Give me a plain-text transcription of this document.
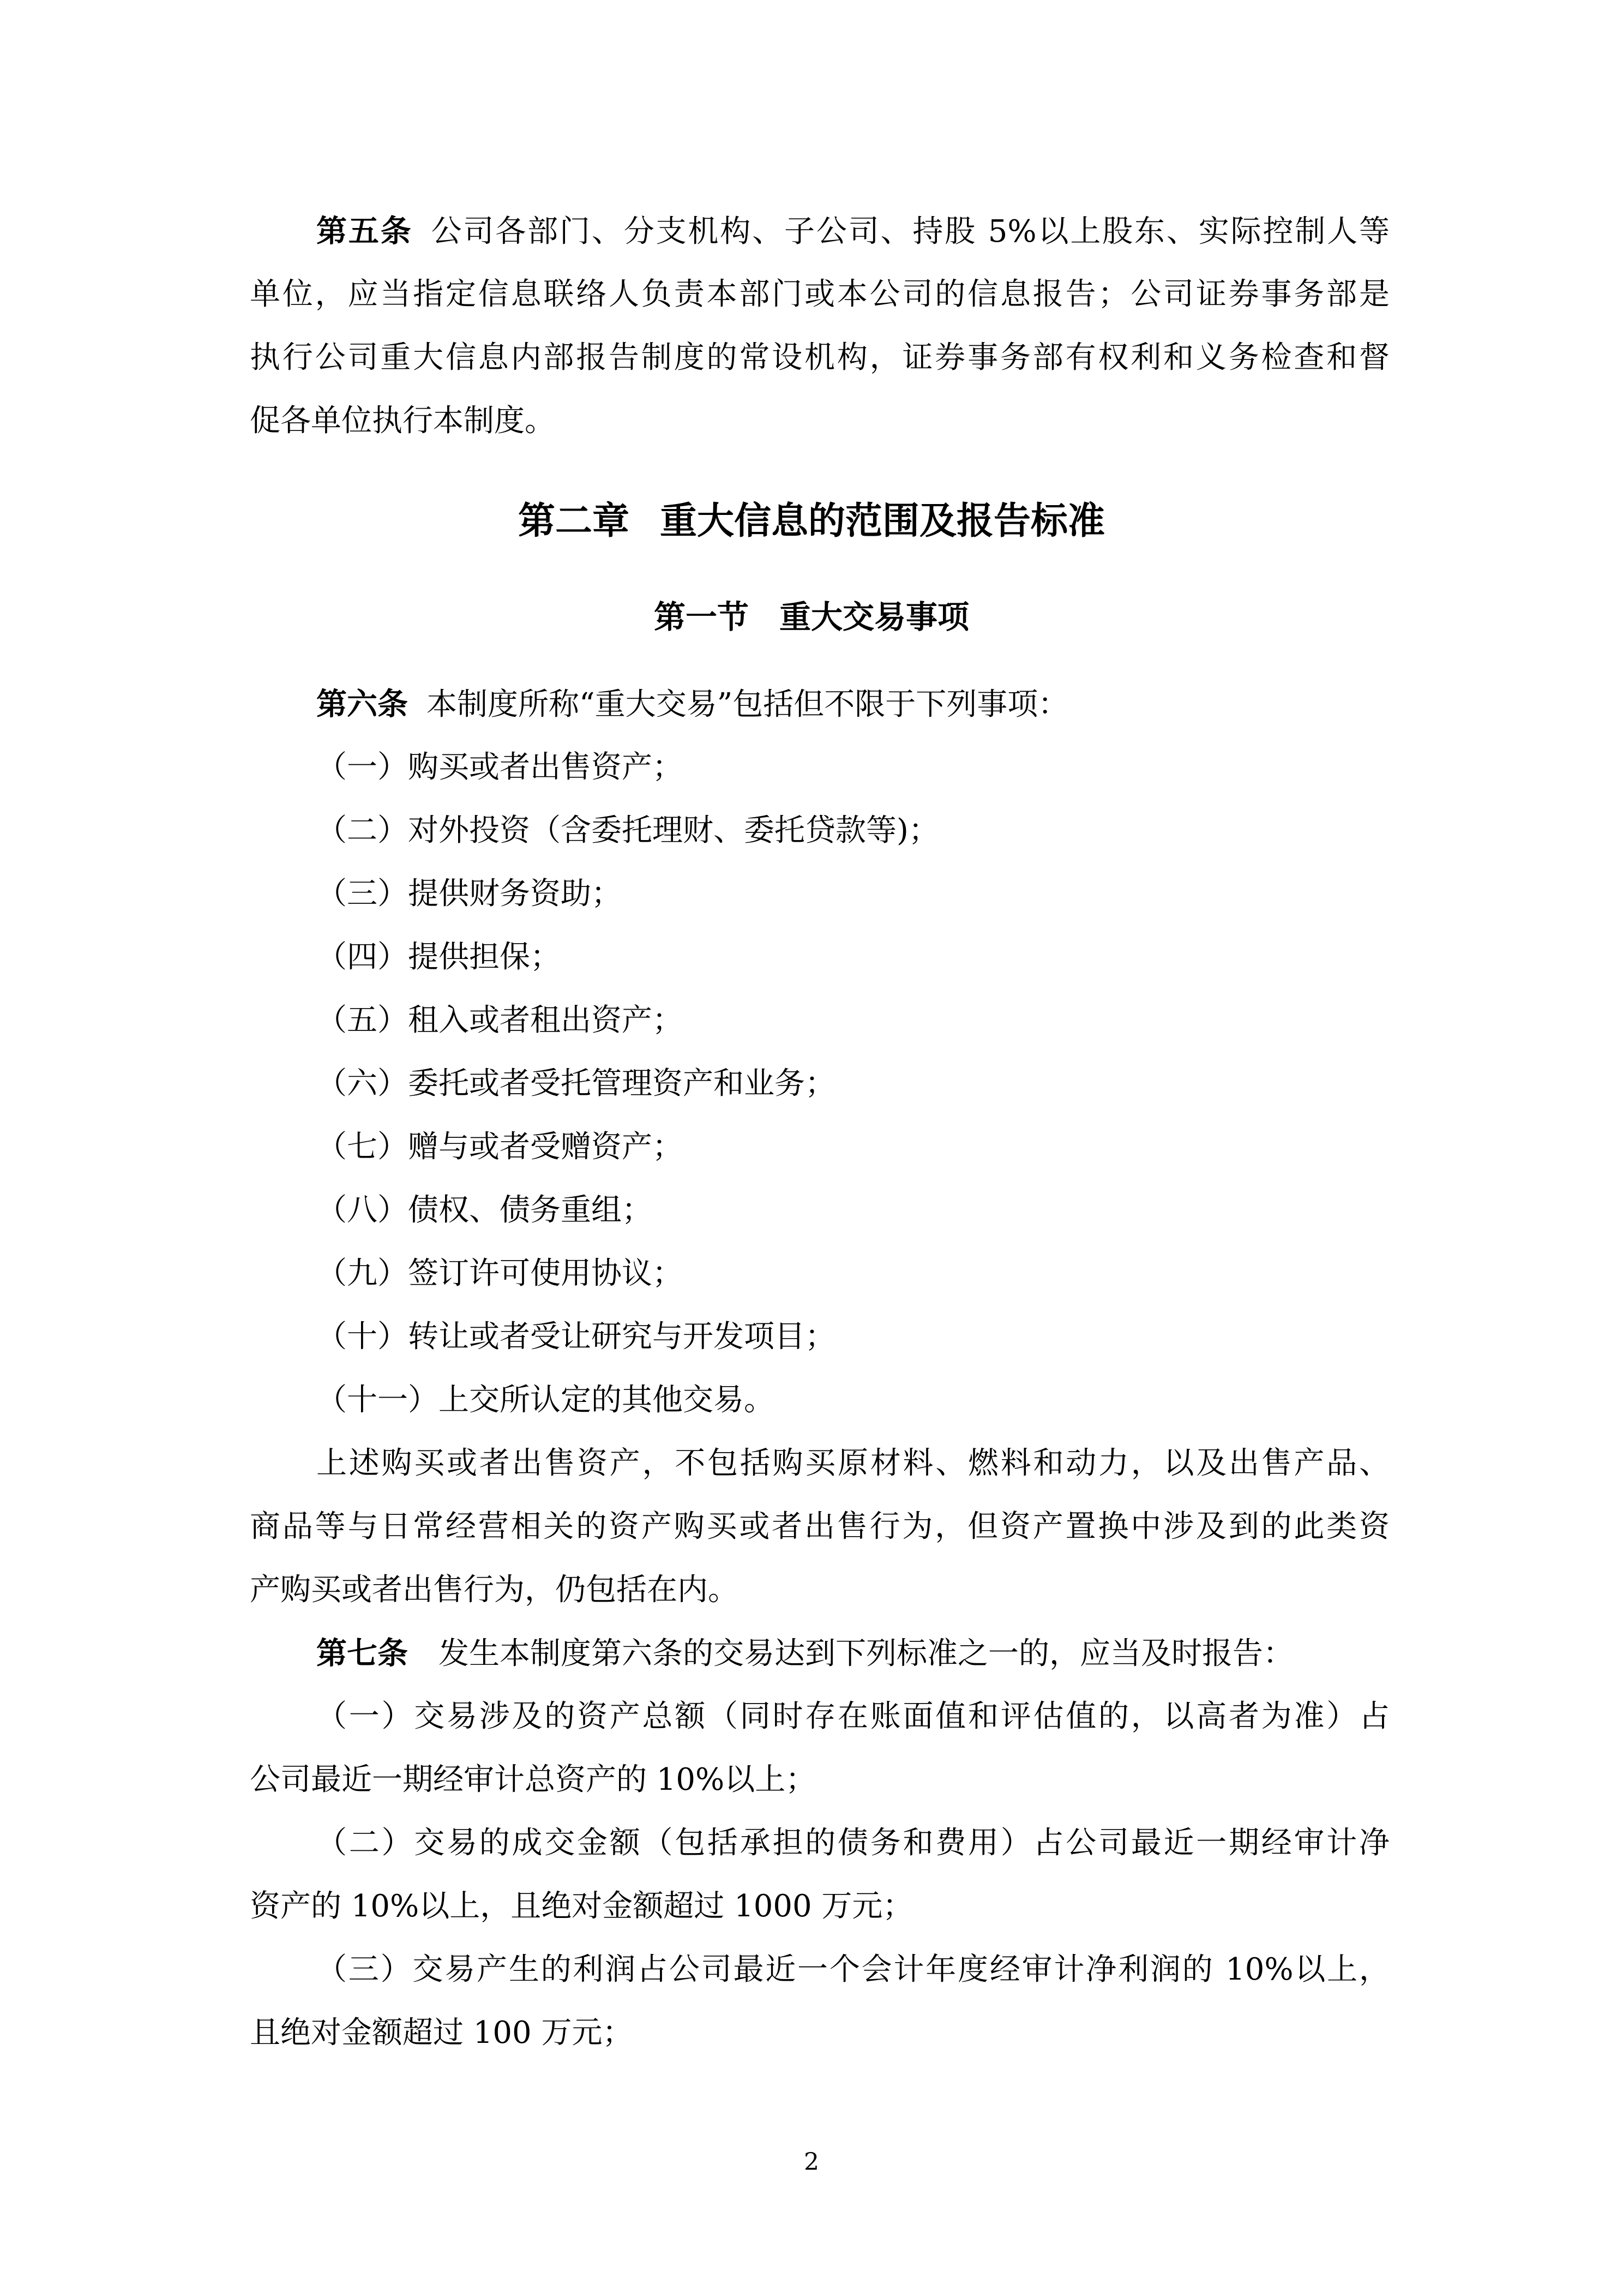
第五条 公司各部门、分支机构、子公司、持股 5%以上股东、实际控制人等
单位，应当指定信息联络人负责本部门或本公司的信息报告；公司证券事务部是
执行公司重大信息内部报告制度的常设机构，证券事务部有权利和义务检查和督
促各单位执行本制度。
第二章 重大信息的范围及报告标准
第一节 重大交易事项
第六条 本制度所称“重大交易”包括但不限于下列事项：
（一）购买或者出售资产；
（二）对外投资（含委托理财、委托贷款等)；
（三）提供财务资助；
（四）提供担保；
（五）租入或者租出资产；
（六）委托或者受托管理资产和业务；
（七）赠与或者受赠资产；
（八）债权、债务重组；
（九）签订许可使用协议；
（十）转让或者受让研究与开发项目；
（十一）上交所认定的其他交易。
上述购买或者出售资产，不包括购买原材料、燃料和动力，以及出售产品、
商品等与日常经营相关的资产购买或者出售行为，但资产置换中涉及到的此类资
产购买或者出售行为，仍包括在内。
第七条 发生本制度第六条的交易达到下列标准之一的，应当及时报告：
（一）交易涉及的资产总额（同时存在账面值和评估值的，以高者为准）占
公司最近一期经审计总资产的 10%以上；
（二）交易的成交金额（包括承担的债务和费用）占公司最近一期经审计净
资产的 10%以上，且绝对金额超过 1000 万元；
（三）交易产生的利润占公司最近一个会计年度经审计净利润的 10%以上，
且绝对金额超过 100 万元；
2
